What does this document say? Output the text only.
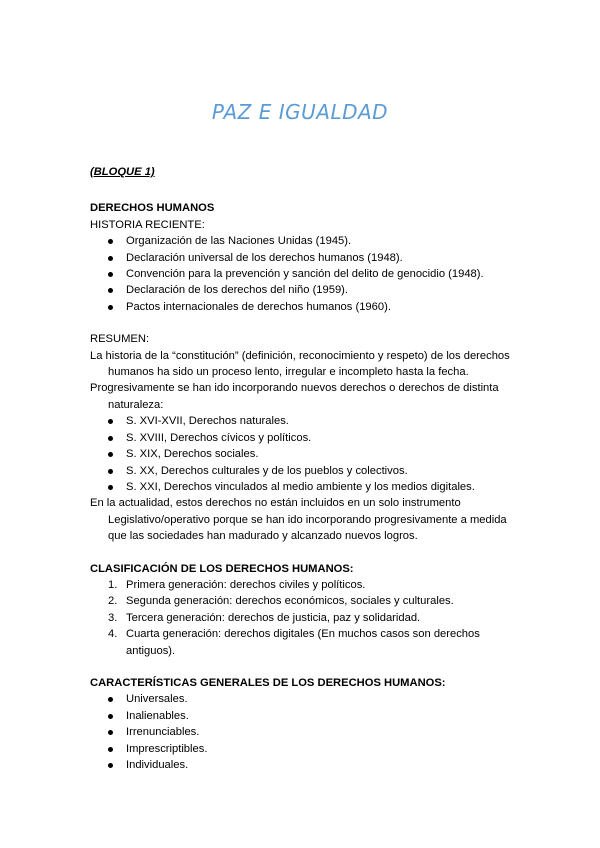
PAZ E IGUALDAD

(BLOQUE 1)

DERECHOS HUMANOS

HISTORIA RECIENTE:

Organización de las Naciones Unidas (1945).
Declaración universal de los derechos humanos (1948).
Convención para la prevención y sanción del delito de genocidio (1948).
Declaración de los derechos del niño (1959).
Pactos internacionales de derechos humanos (1960).

RESUMEN:

La historia de la “constitución” (definición, reconocimiento y respeto) de los derechos humanos ha sido un proceso lento, irregular e incompleto hasta la fecha.

Progresivamente se han ido incorporando nuevos derechos o derechos de distinta naturaleza:

S. XVI-XVII, Derechos naturales.
S. XVIII, Derechos cívicos y políticos.
S. XIX, Derechos sociales.
S. XX, Derechos culturales y de los pueblos y colectivos.
S. XXI, Derechos vinculados al medio ambiente y los medios digitales.

En la actualidad, estos derechos no están incluidos en un solo instrumento Legislativo/operativo porque se han ido incorporando progresivamente a medida que las sociedades han madurado y alcanzado nuevos logros.

CLASIFICACIÓN DE LOS DERECHOS HUMANOS:

1. Primera generación: derechos civiles y políticos.
2. Segunda generación: derechos económicos, sociales y culturales.
3. Tercera generación: derechos de justicia, paz y solidaridad.
4. Cuarta generación: derechos digitales (En muchos casos son derechos antiguos).

CARACTERÍSTICAS GENERALES DE LOS DERECHOS HUMANOS:

Universales.
Inalienables.
Irrenunciables.
Imprescriptibles.
Individuales.
